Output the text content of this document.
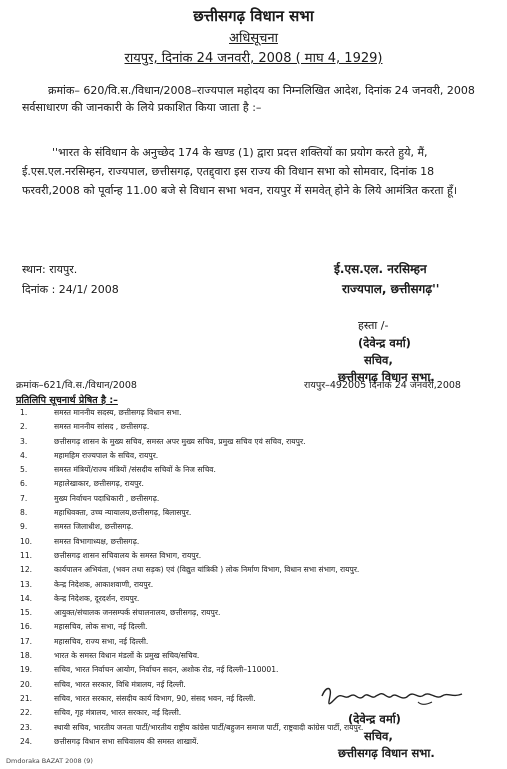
छत्तीसगढ़ विधान सभा
अधिसूचना
रायपुर, दिनांक 24 जनवरी, 2008 ( माघ 4, 1929)
क्रमांक– 620/वि.स./विधान/2008–राज्यपाल महोदय का निम्नलिखित आदेश, दिनांक 24 जनवरी, 2008 सर्वसाधारण की जानकारी के लिये प्रकाशित किया जाता है :–
''भारत के संविधान के अनुच्छेद 174 के खण्ड (1) द्वारा प्रदत्त शक्तियों का प्रयोग करते हुये, मैं, ई.एस.एल.नरसिम्हन, राज्यपाल, छत्तीसगढ़, एतद्द्वारा इस राज्य की विधान सभा को सोमवार, दिनांक 18 फरवरी,2008 को पूर्वान्ह 11.00 बजे से विधान सभा भवन, रायपुर में समवेत् होने के लिये आमंत्रित करता हूँ।
स्थान: रायपुर.
दिनांक : 24/1/ 2008
ई.एस.एल. नरसिम्हन
राज्यपाल, छत्तीसगढ़''
हस्ता /-
(देवेन्द्र वर्मा)
सचिव,
छत्तीसगढ़ विधान सभा.
क्रमांक–621/वि.स./विधान/2008	रायपुर–492005 दिनांक 24 जनवरी,2008
प्रतिलिपि सूचनार्थ प्रेषित है :–
1.	समस्त माननीय सदस्य, छत्तीसगढ़ विधान सभा.
2.	समस्त माननीय सांसद , छत्तीसगढ़.
3.	छत्तीसगढ़ शासन के मुख्य सचिव, समस्त अपर मुख्य सचिव, प्रमुख सचिव एवं सचिव, रायपुर.
4.	महामहिम राज्यपाल के सचिव, रायपुर.
5.	समस्त मंत्रियों/राज्य मंत्रियों /संसदीय सचिवों के निज सचिव.
6.	महालेखाकार, छत्तीसगढ़, रायपुर.
7.	मुख्य निर्वाचन पदाधिकारी , छत्तीसगढ़.
8.	महाधिवक्ता, उच्च न्यायालय,छत्तीसगढ़, बिलासपुर.
9.	समस्त जिलाधीश, छत्तीसगढ़.
10.	समस्त विभागाध्यक्ष, छत्तीसगढ़.
11.	छत्तीसगढ़ शासन सचिवालय के समस्त विभाग, रायपुर.
12.	कार्यपालन अभियंता, (भवन तथा सड़क) एवं (विद्युत यांत्रिकी ) लोक निर्माण विभाग, विधान सभा संभाग, रायपुर.
13.	केन्द्र निदेशक, आकाशवाणी, रायपुर.
14.	केन्द्र निदेशक, दूरदर्शन, रायपुर.
15.	आयुक्त/संचालक जनसम्पर्क संचालनालय, छत्तीसगढ़, रायपुर.
16.	महासचिव, लोक सभा, नई दिल्ली.
17.	महासचिव, राज्य सभा, नई दिल्ली.
18.	भारत के समस्त विधान मंडलों के प्रमुख सचिव/सचिव.
19.	सचिव, भारत निर्वाचन आयोग, निर्वाचन सदन, अशोक रोड, नई दिल्ली–110001.
20.	सचिव, भारत सरकार, विधि मंत्रालय, नई दिल्ली.
21.	सचिव, भारत सरकार, संसदीय कार्य विभाग, 90, संसद भवन, नई दिल्ली.
22.	सचिव, गृह मंत्रालय, भारत सरकार, नई दिल्ली.
23.	स्थायी सचिव, भारतीय जनता पार्टी/भारतीय राष्ट्रीय कांग्रेस पार्टी/बहुजन समाज पार्टी, राष्ट्रवादी कांग्रेस पार्टी, रायपुर.
24.	छत्तीसगढ़ विधान सभा सचिवालय की समस्त शाखायें.
(देवेन्द्र वर्मा)
सचिव,
छत्तीसगढ़ विधान सभा.
Dmdoraka BAZAT 2008 (9)
